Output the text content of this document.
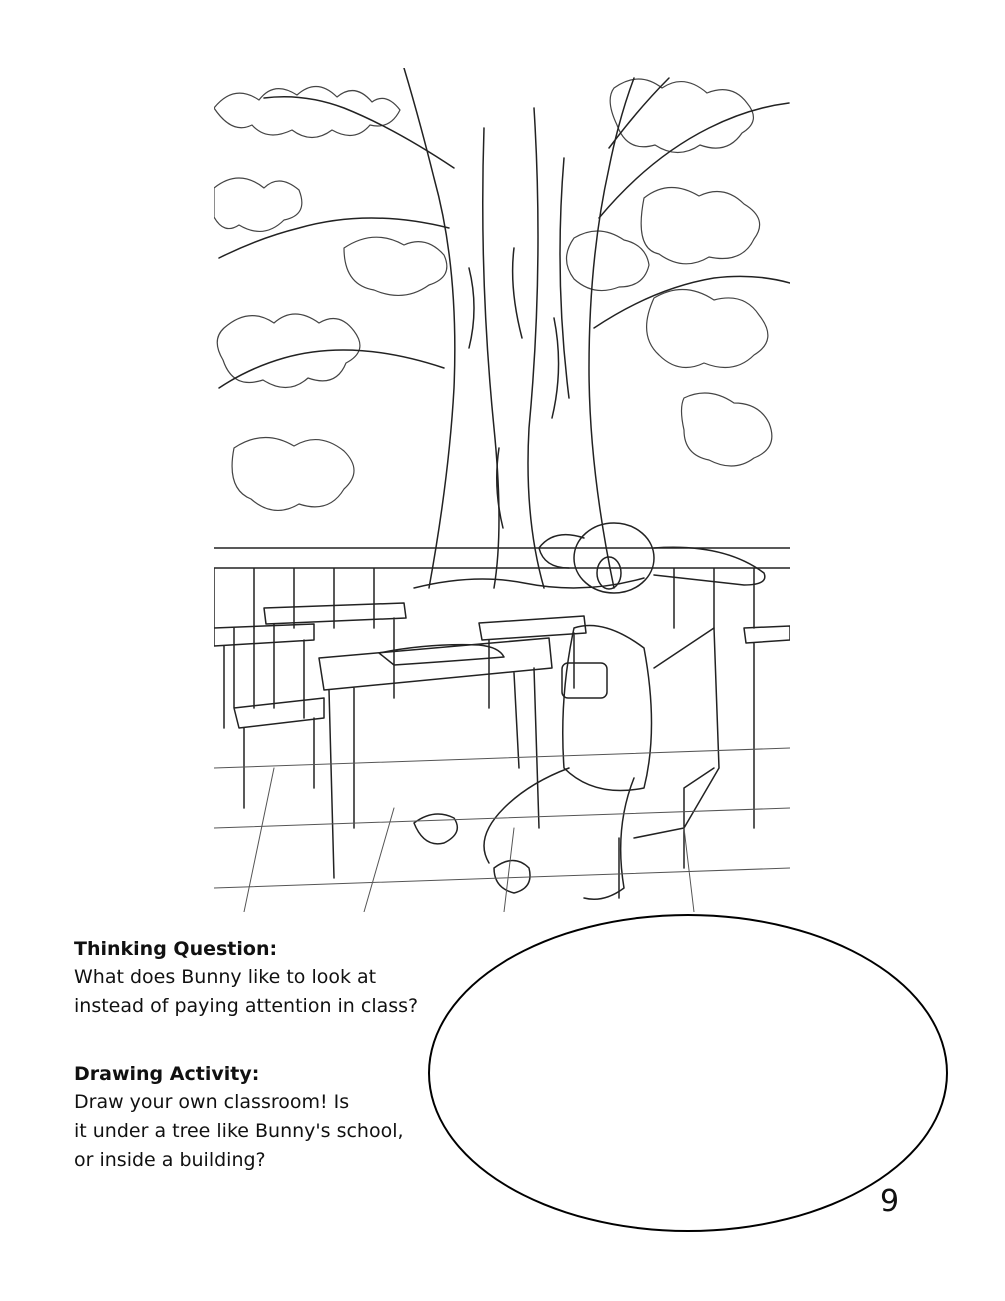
Thinking Question:
What does Bunny like to look at
instead of paying attention in class?
Drawing Activity:
Draw your own classroom! Is
it under a tree like Bunny's school,
or inside a building?
9
